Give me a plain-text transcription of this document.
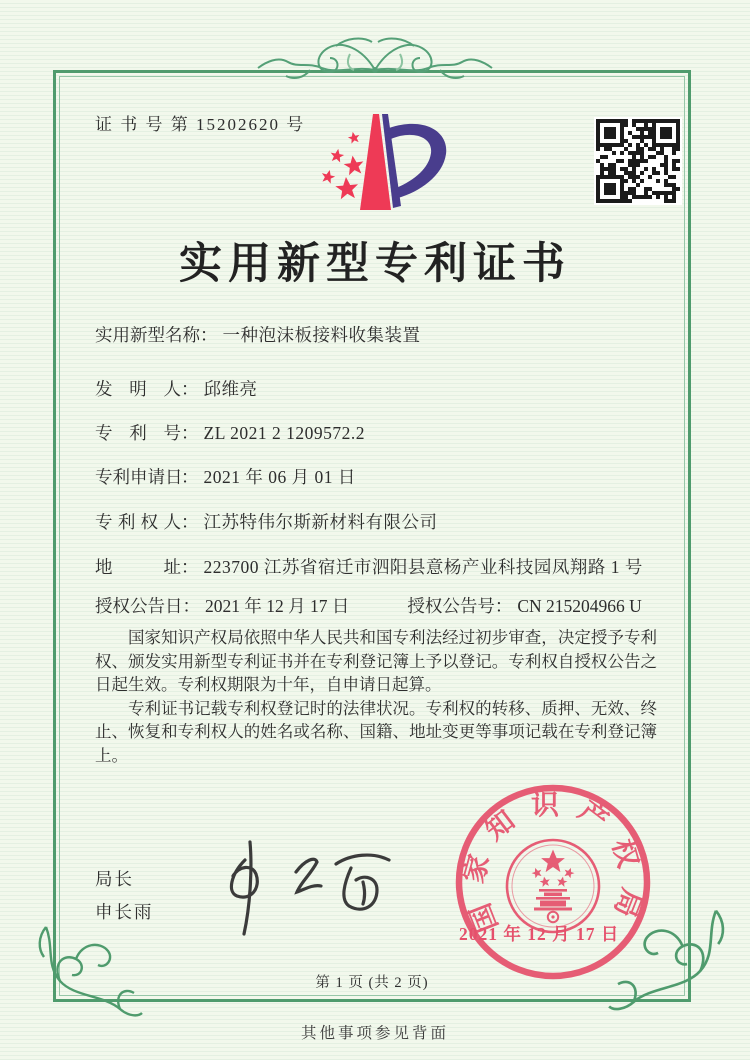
证 书 号 第 15202620 号
实用新型专利证书
实用新型名称： 一种泡沫板接料收集装置
发明人： 邱维亮
专利号： ZL 2021 2 1209572.2
专利申请日： 2021 年 06 月 01 日
专利权人： 江苏特伟尔斯新材料有限公司
地址： 223700 江苏省宿迁市泗阳县意杨产业科技园凤翔路 1 号
授权公告日： 2021 年 12 月 17 日	授权公告号： CN 215204966 U

国家知识产权局依照中华人民共和国专利法经过初步审查，决定授予专利权、颁发实用新型专利证书并在专利登记簿上予以登记。专利权自授权公告之日起生效。专利权期限为十年，自申请日起算。

专利证书记载专利权登记时的法律状况。专利权的转移、质押、无效、终止、恢复和专利权人的姓名或名称、国籍、地址变更等事项记载在专利登记簿上。

局长
申长雨	国家知识产权局
2021 年 12 月 17 日
第 1 页 (共 2 页)
其他事项参见背面
